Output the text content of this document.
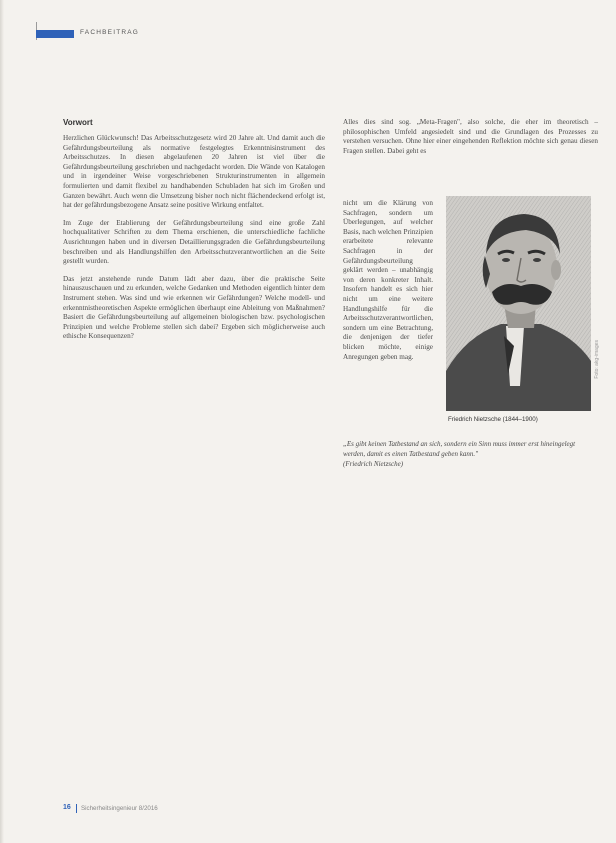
FACHBEITRAG
Vorwort

Herzlichen Glückwunsch! Das Arbeitsschutzgesetz wird 20 Jahre alt. Und damit auch die Gefährdungsbeurteilung als normative festgelegtes Erkenntnisinstrument des Arbeitsschutzes. In diesen abgelaufenen 20 Jahren ist viel über die Gefährdungsbeurteilung geschrieben und nachgedacht worden. Die Wände von Katalogen und in irgendeiner Weise vorgeschriebenen Strukturinstrumenten in allgemein formulierten und damit flexibel zu handhabenden Schubladen hat sich im Großen und Ganzen bewährt. Auch wenn die Umsetzung bisher noch nicht flächendeckend erfolgt ist, hat der gefährdungsbezogene Ansatz seine positive Wirkung entfaltet.

Im Zuge der Etablierung der Gefährdungsbeurteilung sind eine große Zahl hochqualitativer Schriften zu dem Thema erschienen, die unterschiedliche fachliche Ausrichtungen haben und in diversen Detaillierungsgraden die Gefährdungsbeurteilung beschreiben und als Handlungshilfen den Arbeitsschutzverantwortlichen an die Seite gestellt wurden.

Das jetzt anstehende runde Datum lädt aber dazu, über die praktische Seite hinauszuschauen und zu erkunden, welche Gedanken und Methoden eigentlich hinter dem Instrument stehen. Was sind und wie erkennen wir Gefährdungen? Welche modell- und erkenntnistheoretischen Aspekte ermöglichen überhaupt eine Ableitung von Maßnahmen? Basiert die Gefährdungsbeurteilung auf allgemeinen biologischen bzw. psychologischen Prinzipien und welche Probleme stellen sich dabei? Ergeben sich möglicherweise auch ethische Konsequenzen?

Alles dies sind sog. „Meta-Fragen", also solche, die eher im theoretisch – philosophischen Umfeld angesiedelt sind und die Grundlagen des Prozesses zu verstehen versuchen. Ohne hier einer eingehenden Reflektion möchte sich genau diesen Fragen stellen. Dabei geht es

nicht um die Klärung von Sachfragen, sondern um Überlegungen, auf welcher Basis, nach welchen Prinzipien erarbeitete relevante Sachfragen in der Gefährdungsbeurteilung geklärt werden – unabhängig von deren konkreter Inhalt. Insofern handelt es sich hier nicht um eine weitere Handlungshilfe für die Arbeitsschutzverantwortlichen, sondern um eine Betrachtung, die denjenigen der tiefer blicken möchte, einige Anregungen geben mag.	Foto: akg-images
Friedrich Nietzsche (1844–1900)
„Es gibt keinen Tatbestand an sich, sondern ein Sinn muss immer erst hineingelegt werden, damit es einen Tatbestand geben kann."
(Friedrich Nietzsche)
16 Sicherheitsingenieur 8/2016
